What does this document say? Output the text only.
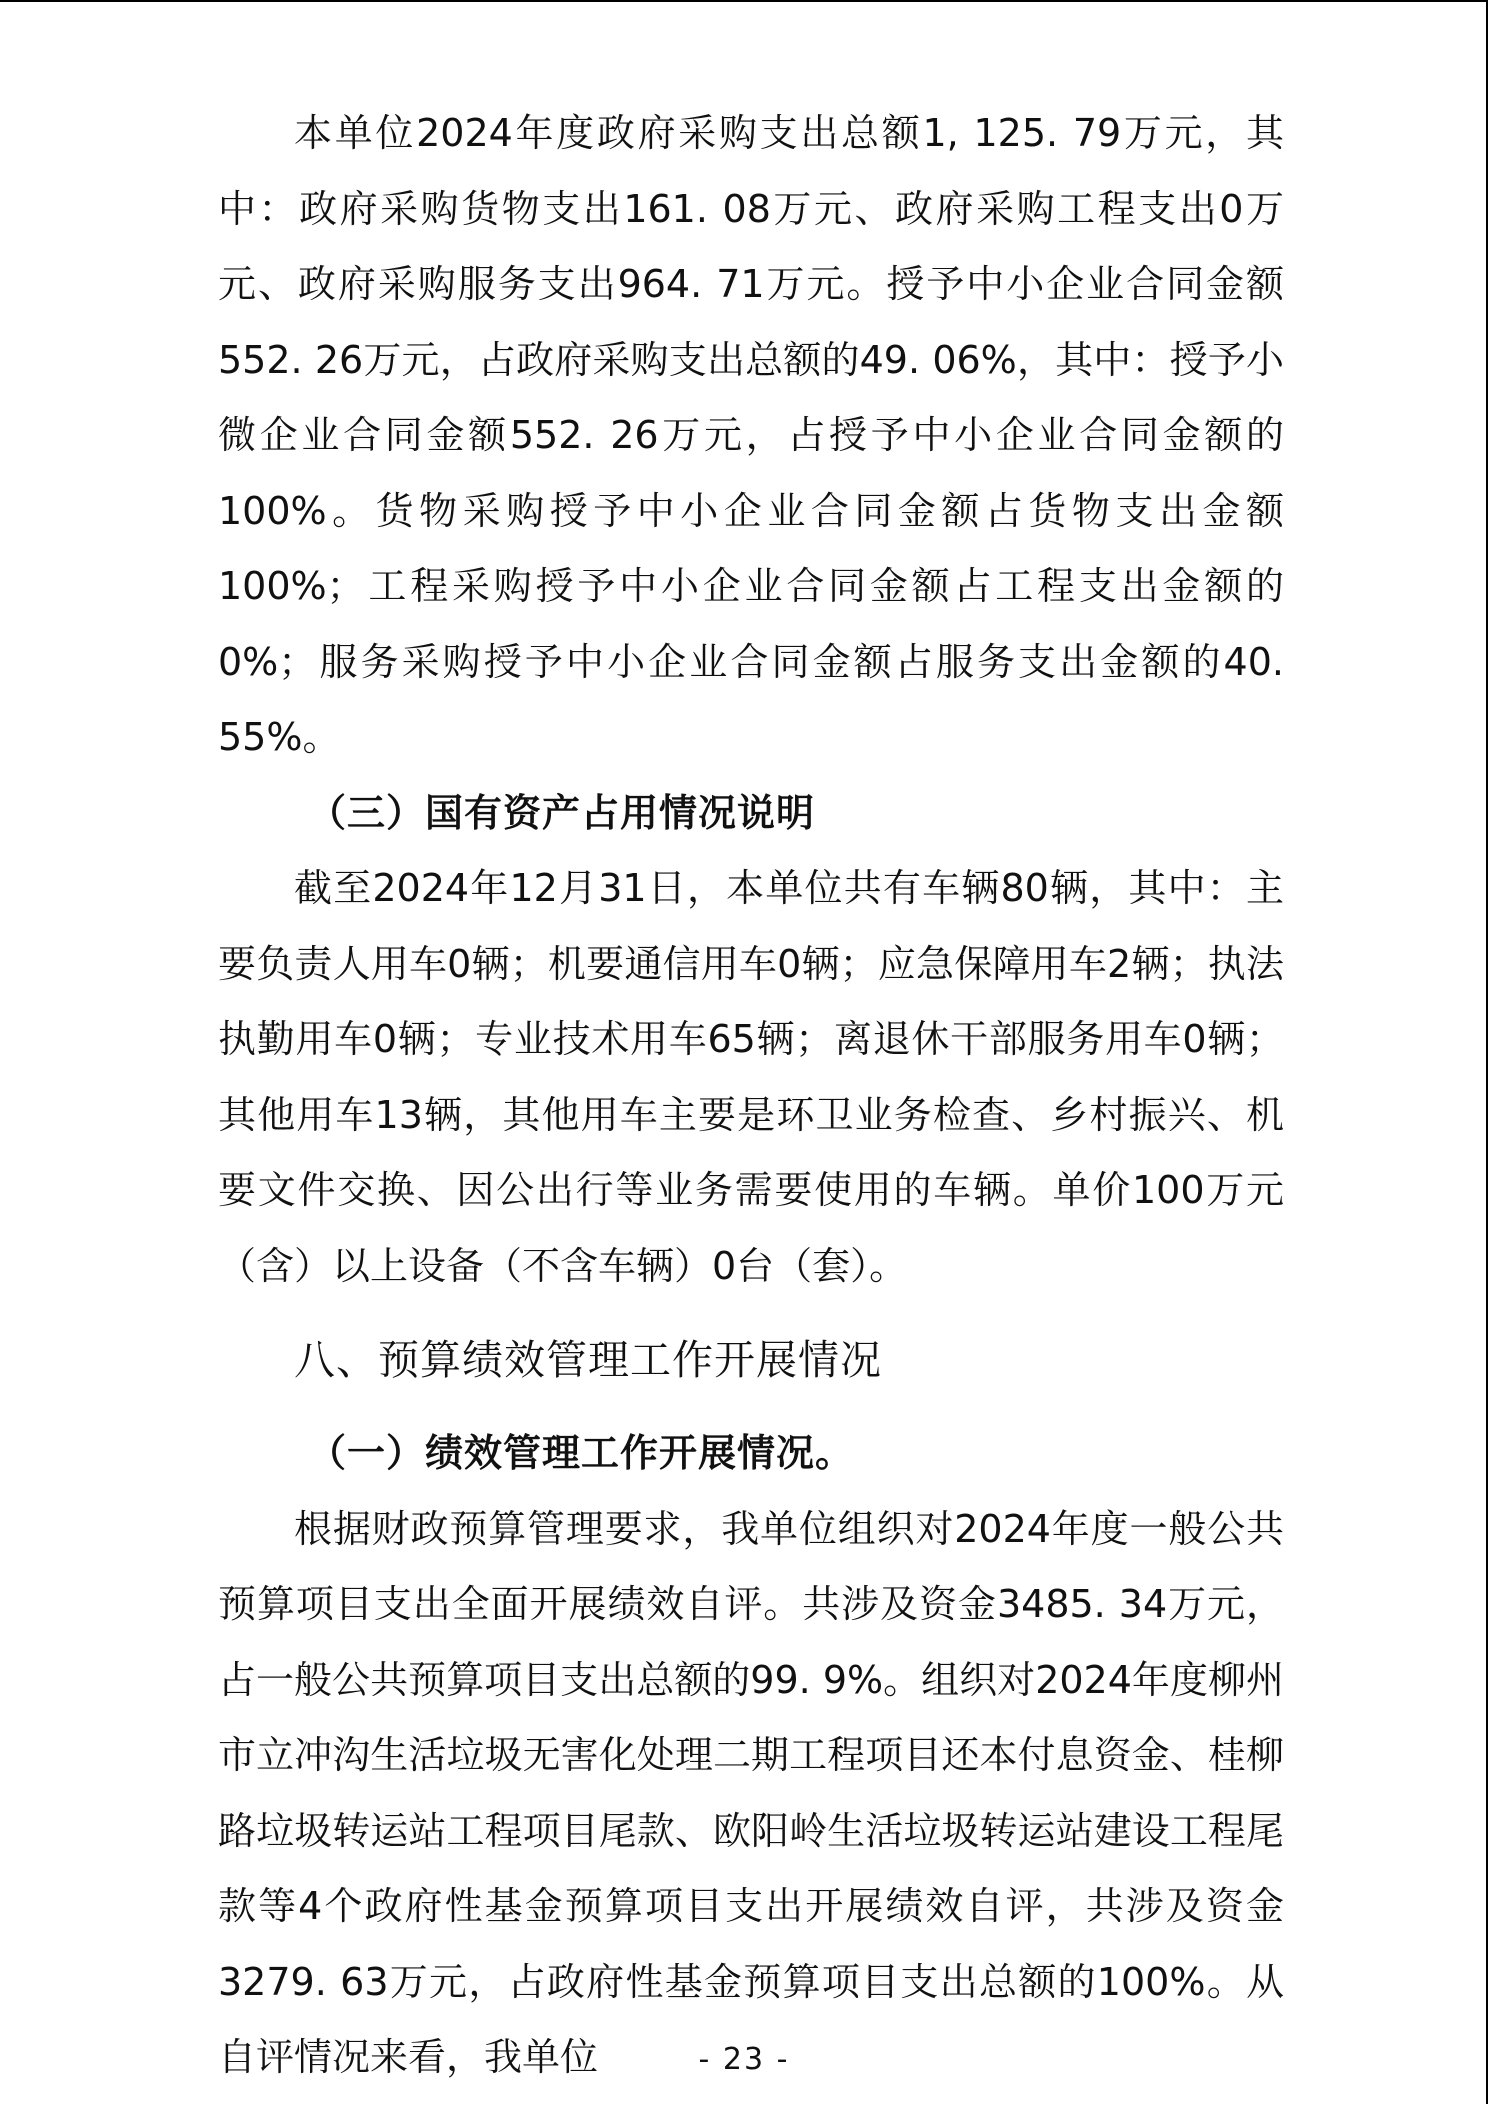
本单位2024年度政府采购支出总额1, 125. 79万元，其中：政府采购货物支出161. 08万元、政府采购工程支出0万元、政府采购服务支出964. 71万元。授予中小企业合同金额552. 26万元，占政府采购支出总额的49. 06%，其中：授予小微企业合同金额552. 26万元，占授予中小企业合同金额的100%。货物采购授予中小企业合同金额占货物支出金额100%；工程采购授予中小企业合同金额占工程支出金额的0%；服务采购授予中小企业合同金额占服务支出金额的40. 55%。

（三）国有资产占用情况说明

截至2024年12月31日，本单位共有车辆80辆，其中：主要负责人用车0辆；机要通信用车0辆；应急保障用车2辆；执法执勤用车0辆；专业技术用车65辆；离退休干部服务用车0辆；其他用车13辆，其他用车主要是环卫业务检查、乡村振兴、机要文件交换、因公出行等业务需要使用的车辆。单价100万元（含）以上设备（不含车辆）0台（套）。

八、预算绩效管理工作开展情况

（一）绩效管理工作开展情况。

根据财政预算管理要求，我单位组织对2024年度一般公共预算项目支出全面开展绩效自评。共涉及资金3485. 34万元，占一般公共预算项目支出总额的99. 9%。组织对2024年度柳州市立冲沟生活垃圾无害化处理二期工程项目还本付息资金、桂柳路垃圾转运站工程项目尾款、欧阳岭生活垃圾转运站建设工程尾款等4个政府性基金预算项目支出开展绩效自评，共涉及资金3279. 63万元，占政府性基金预算项目支出总额的100%。从自评情况来看，我单位	- 23 -
